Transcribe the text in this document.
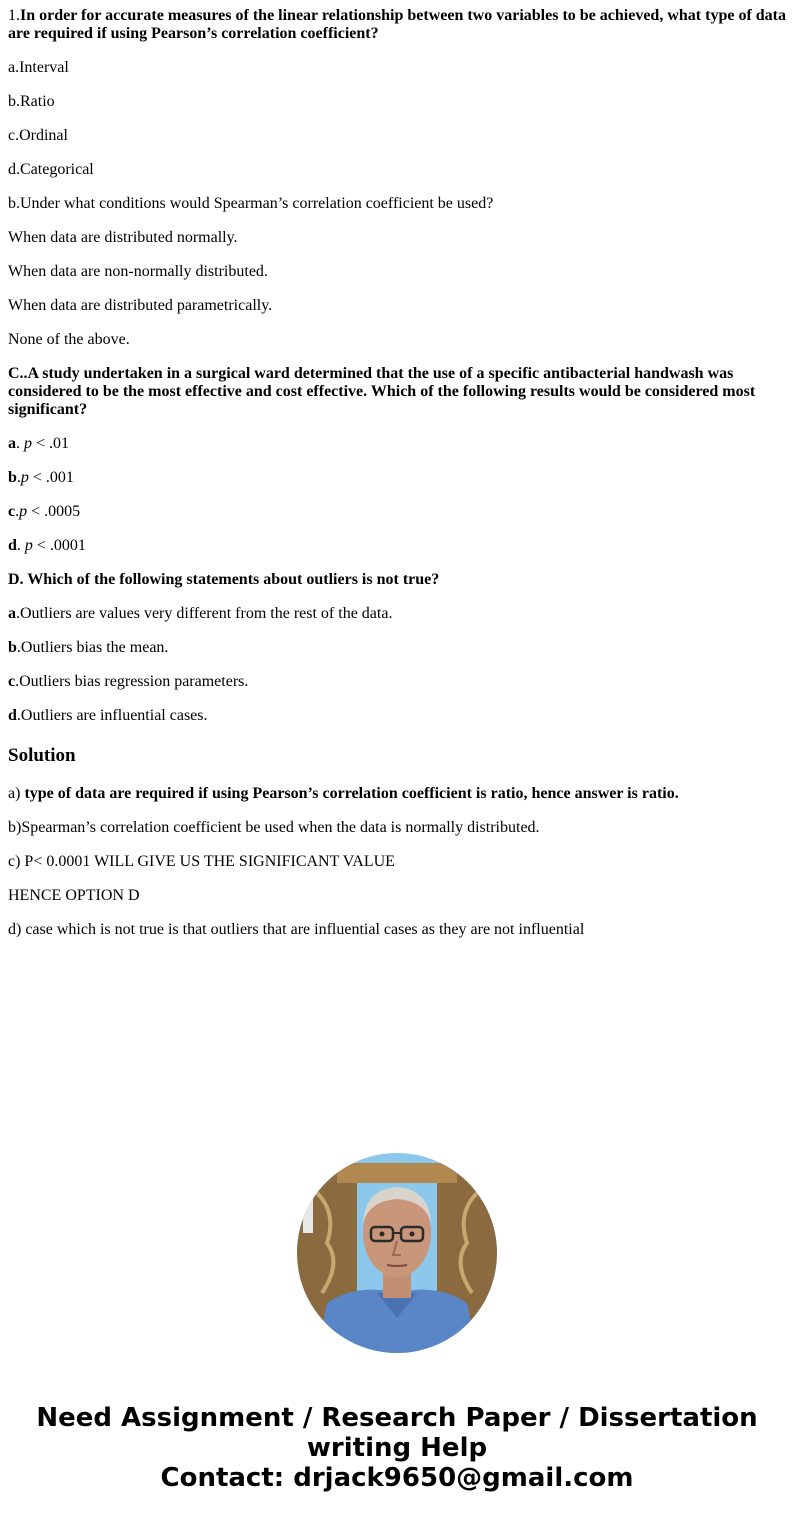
1.In order for accurate measures of the linear relationship between two variables to be achieved, what type of data are required if using Pearson’s correlation coefficient?

a.Interval

b.Ratio

c.Ordinal

d.Categorical

b.Under what conditions would Spearman’s correlation coefficient be used?

When data are distributed normally.

When data are non-normally distributed.

When data are distributed parametrically.

None of the above.

C..A study undertaken in a surgical ward determined that the use of a specific antibacterial handwash was considered to be the most effective and cost effective. Which of the following results would be considered most significant?

a. p < .01

b.p < .001

c.p < .0005

d. p < .0001

D. Which of the following statements about outliers is not true?

a.Outliers are values very different from the rest of the data.

b.Outliers bias the mean.

c.Outliers bias regression parameters.

d.Outliers are influential cases.

Solution

a) type of data are required if using Pearson’s correlation coefficient is ratio, hence answer is ratio.

b)Spearman’s correlation coefficient be used when the data is normally distributed.

c) P< 0.0001 WILL GIVE US THE SIGNIFICANT VALUE

HENCE OPTION D

d) case which is not true is that outliers that are influential cases as they are not influential

Need Assignment / Research Paper / Dissertation
writing Help
Contact: drjack9650@gmail.com
